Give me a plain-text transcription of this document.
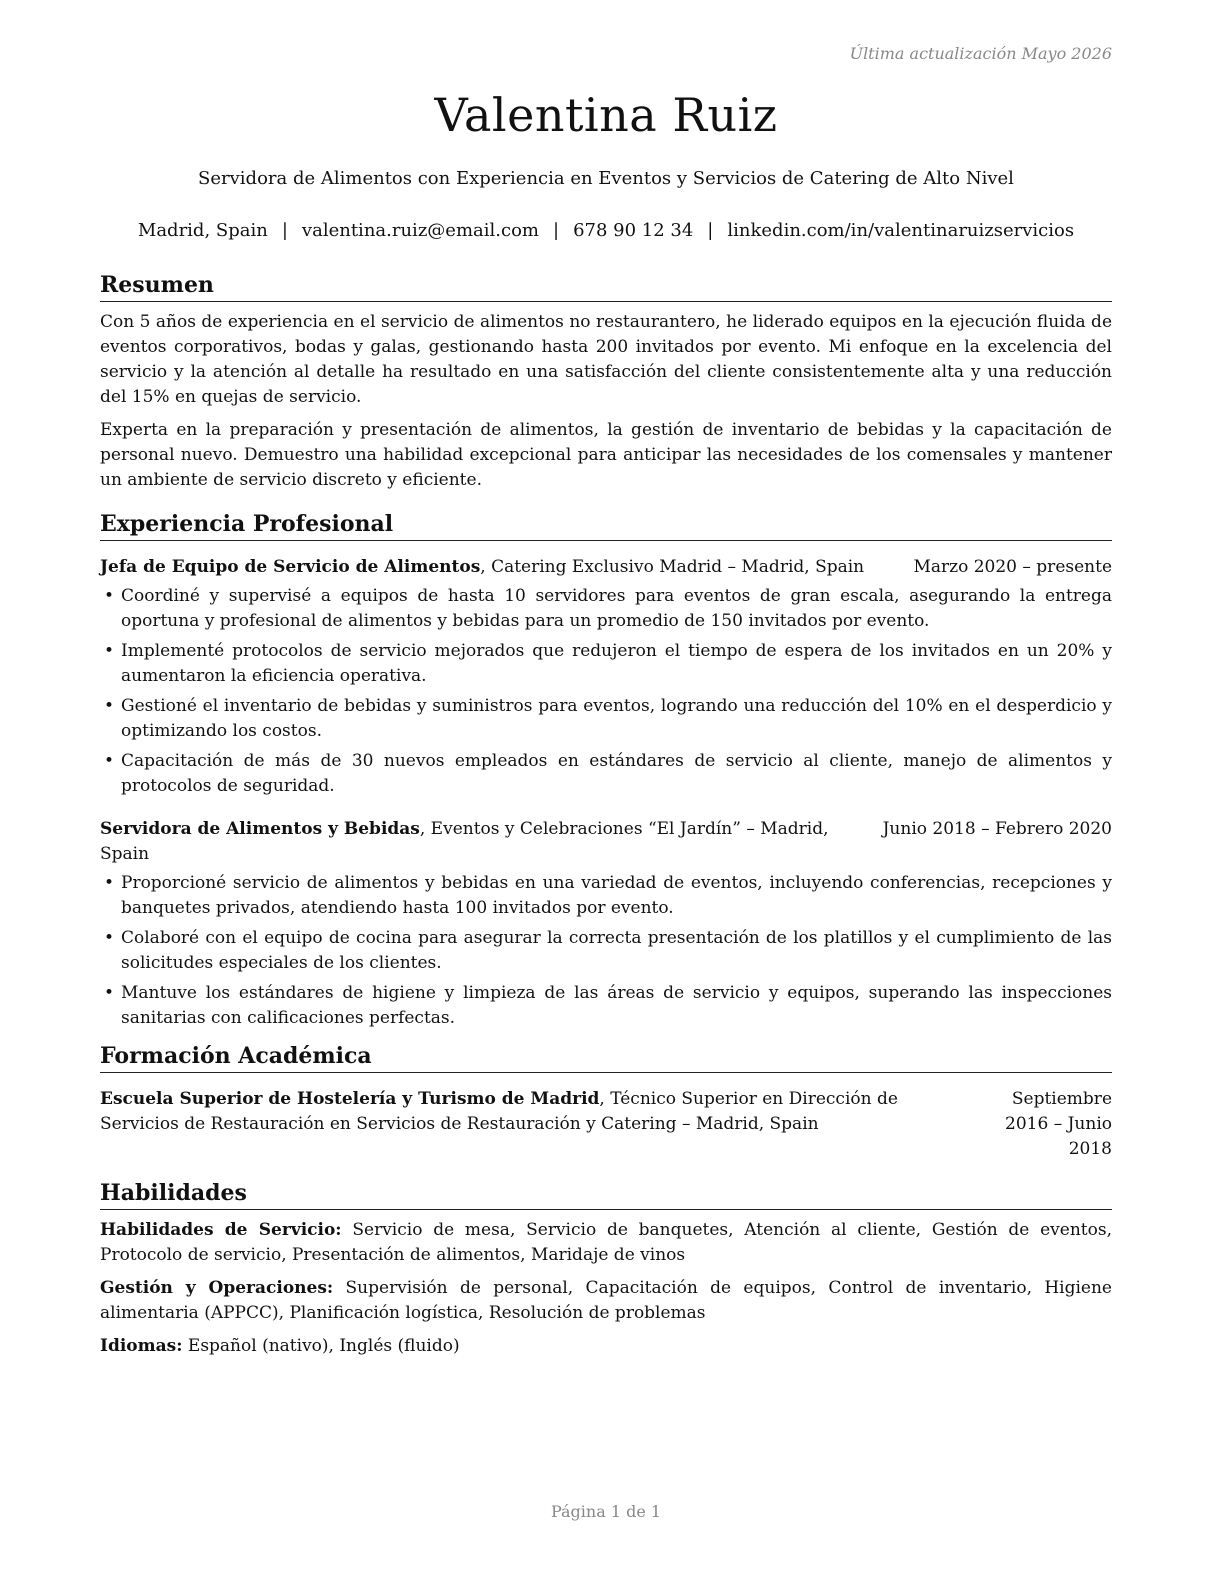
Última actualización Mayo 2026
Valentina Ruiz
Servidora de Alimentos con Experiencia en Eventos y Servicios de Catering de Alto Nivel
Madrid, Spain | valentina.ruiz@email.com | 678 90 12 34 | linkedin.com/in/valentinaruizservicios
Resumen

Con 5 años de experiencia en el servicio de alimentos no restaurantero, he liderado equipos en la ejecución fluida de eventos corporativos, bodas y galas, gestionando hasta 200 invitados por evento. Mi enfoque en la excelencia del servicio y la atención al detalle ha resultado en una satisfacción del cliente consistentemente alta y una reducción del 15% en quejas de servicio.

Experta en la preparación y presentación de alimentos, la gestión de inventario de bebidas y la capacitación de personal nuevo. Demuestro una habilidad excepcional para anticipar las necesidades de los comensales y mantener un ambiente de servicio discreto y eficiente.

Experiencia Profesional
Jefa de Equipo de Servicio de Alimentos, Catering Exclusivo Madrid – Madrid, Spain	Marzo 2020 – presente
• Coordiné y supervisé a equipos de hasta 10 servidores para eventos de gran escala, asegurando la entrega oportuna y profesional de alimentos y bebidas para un promedio de 150 invitados por evento.
• Implementé protocolos de servicio mejorados que redujeron el tiempo de espera de los invitados en un 20% y aumentaron la eficiencia operativa.
• Gestioné el inventario de bebidas y suministros para eventos, logrando una reducción del 10% en el desperdicio y optimizando los costos.
• Capacitación de más de 30 nuevos empleados en estándares de servicio al cliente, manejo de alimentos y protocolos de seguridad.
Servidora de Alimentos y Bebidas, Eventos y Celebraciones “El Jardín” – Madrid, Spain
Junio 2018 – Febrero 2020
• Proporcioné servicio de alimentos y bebidas en una variedad de eventos, incluyendo conferencias, recepciones y banquetes privados, atendiendo hasta 100 invitados por evento.
• Colaboré con el equipo de cocina para asegurar la correcta presentación de los platillos y el cumplimiento de las solicitudes especiales de los clientes.
• Mantuve los estándares de higiene y limpieza de las áreas de servicio y equipos, superando las inspecciones sanitarias con calificaciones perfectas.
Formación Académica
Escuela Superior de Hostelería y Turismo de Madrid, Técnico Superior en Dirección de Servicios de Restauración en Servicios de Restauración y Catering – Madrid, Spain
Septiembre 2016 – Junio 2018
Habilidades
Habilidades de Servicio: Servicio de mesa, Servicio de banquetes, Atención al cliente, Gestión de eventos, Protocolo de servicio, Presentación de alimentos, Maridaje de vinos
Gestión y Operaciones: Supervisión de personal, Capacitación de equipos, Control de inventario, Higiene alimentaria (APPCC), Planificación logística, Resolución de problemas
Idiomas: Español (nativo), Inglés (fluido)
Página 1 de 1
